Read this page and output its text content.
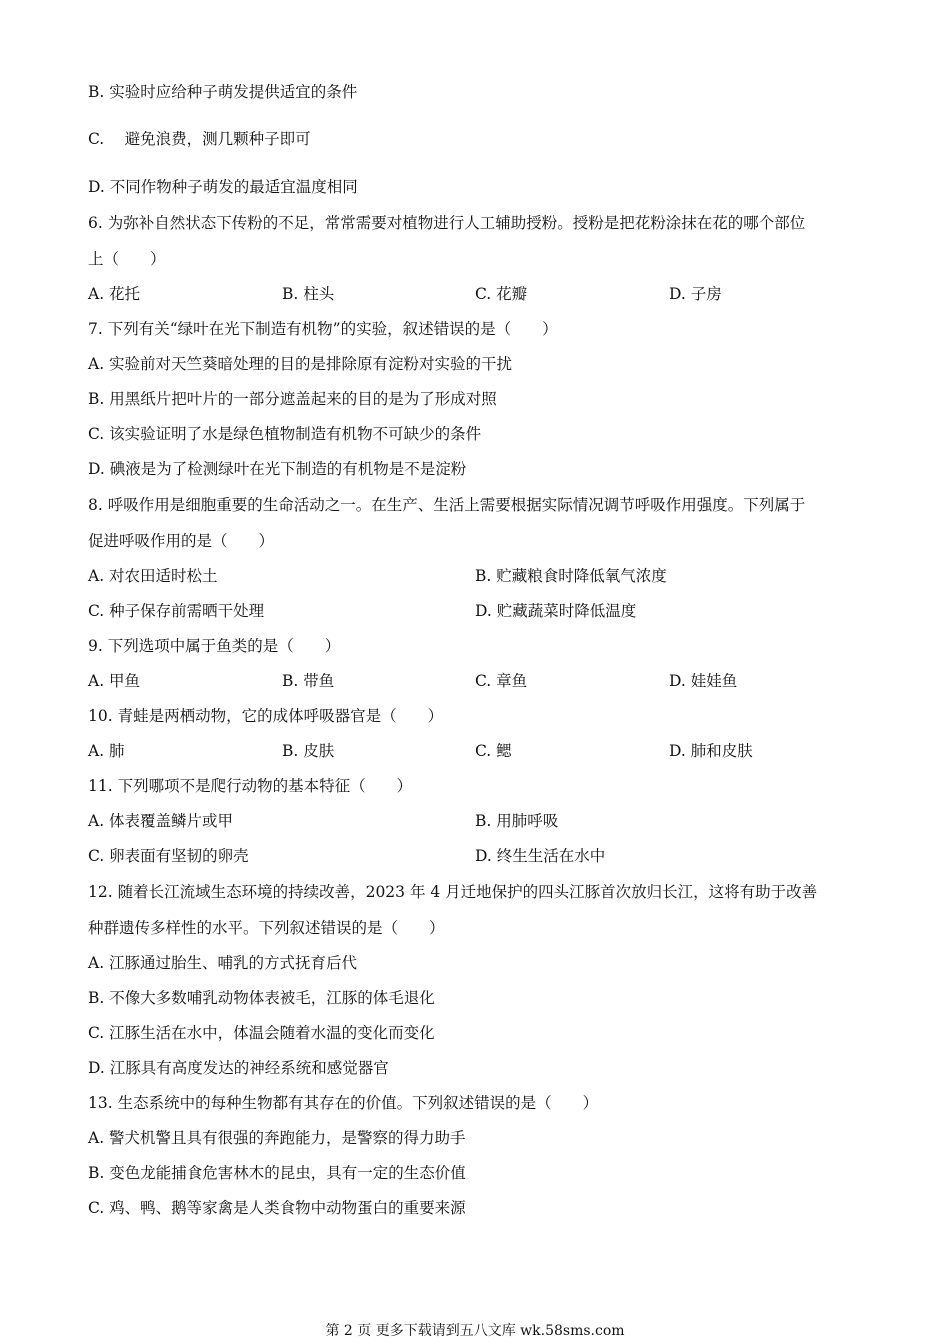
B. 实验时应给种子萌发提供适宜的条件
C.　 避免浪费，测几颗种子即可
D. 不同作物种子萌发的最适宜温度相同
6. 为弥补自然状态下传粉的不足，常常需要对植物进行人工辅助授粉。授粉是把花粉涂抹在花的哪个部位
上（　　）
A. 花托	B. 柱头	C. 花瓣	D. 子房
7. 下列有关“绿叶在光下制造有机物”的实验，叙述错误的是（　　）
A. 实验前对天竺葵暗处理的目的是排除原有淀粉对实验的干扰
B. 用黑纸片把叶片的一部分遮盖起来的目的是为了形成对照
C. 该实验证明了水是绿色植物制造有机物不可缺少的条件
D. 碘液是为了检测绿叶在光下制造的有机物是不是淀粉
8. 呼吸作用是细胞重要的生命活动之一。在生产、生活上需要根据实际情况调节呼吸作用强度。下列属于
促进呼吸作用的是（　　）
A. 对农田适时松土	B. 贮藏粮食时降低氧气浓度
C. 种子保存前需晒干处理	D. 贮藏蔬菜时降低温度
9. 下列选项中属于鱼类的是（　　）
A. 甲鱼	B. 带鱼	C. 章鱼	D. 娃娃鱼
10. 青蛙是两栖动物，它的成体呼吸器官是（　　）
A. 肺	B. 皮肤	C. 鳃	D. 肺和皮肤
11. 下列哪项不是爬行动物的基本特征（　　）
A. 体表覆盖鳞片或甲	B. 用肺呼吸
C. 卵表面有坚韧的卵壳	D. 终生生活在水中
12. 随着长江流域生态环境的持续改善，2023 年 4 月迁地保护的四头江豚首次放归长江，这将有助于改善
种群遗传多样性的水平。下列叙述错误的是（　　）
A. 江豚通过胎生、哺乳的方式抚育后代
B. 不像大多数哺乳动物体表被毛，江豚的体毛退化
C. 江豚生活在水中，体温会随着水温的变化而变化
D. 江豚具有高度发达的神经系统和感觉器官
13. 生态系统中的每种生物都有其存在的价值。下列叙述错误的是（　　）
A. 警犬机警且具有很强的奔跑能力，是警察的得力助手
B. 变色龙能捕食危害林木的昆虫，具有一定的生态价值
C. 鸡、鸭、鹅等家禽是人类食物中动物蛋白的重要来源
第 2 页 更多下载请到五八文库 wk.58sms.com
